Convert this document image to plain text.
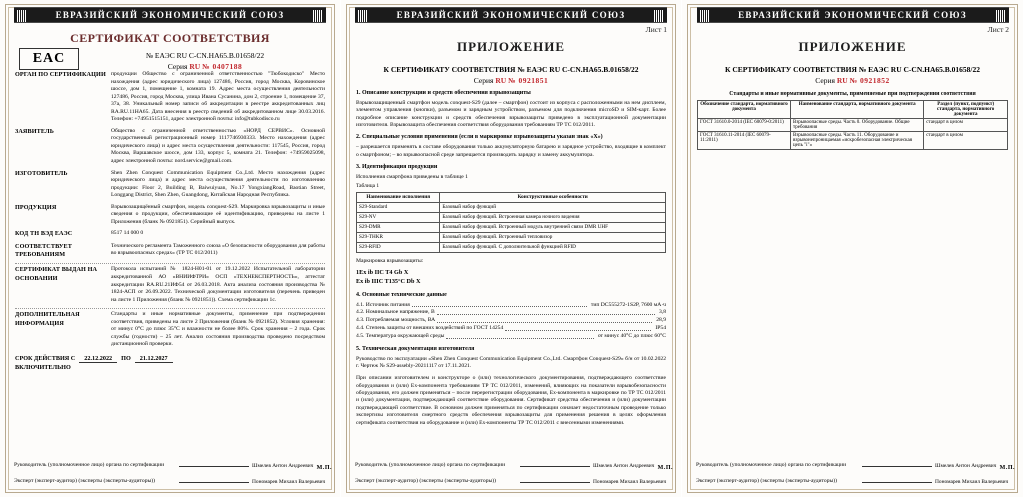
ЕВРАЗИЙСКИЙ ЭКОНОМИЧЕСКИЙ СОЮЗ
СЕРТИФИКАТ СООТВЕТСТВИЯ
EAC	№ ЕАЭС RU C-CN.НА65.В.01658/22
Серия RU № 0407188
ОРГАН ПО СЕРТИФИКАЦИИ продукции Общество с ограниченной ответственностью "Тюбокодиско" Место нахождения (адрес юридического лица) 127486, Россия, город Москва, Коровинское шоссе, дом 1, помещение 1, комната 19. Адрес места осуществления деятельности 127486, Россия, город Москва, улица Ивана Сусанина, дом 2, строение 1, помещение 37, 37а, 38. Уникальный номер записи об аккредитации в реестре аккредитованных лиц RA.RU.11НА65. Дата внесения в реестр сведений об аккредитованном лице 30.03.2016. Телефон: +74951515151, адрес электронной почты: info@tubkodisco.ru
ЗАЯВИТЕЛЬ	Общество с ограниченной ответственностью «НОРД СЕРВИС». Основной государственный регистрационный номер 1117746930333. Место нахождения (адрес юридического лица) и адрес места осуществления деятельности: 117545, Россия, город Москва, Варшавское шоссе, дом 133, корпус 5, комната 21. Телефон: +74959025098, адрес электронной почты: nord.service@gmail.com.
ИЗГОТОВИТЕЛЬ	Shen Zhen Conquest Communication Equipment Co.,Ltd. Место нахождения (адрес юридического лица) и адрес места осуществления деятельности по изготовлению продукции: Floor 2, Building B, Baiwuiyuan, No.17 YongxiangRoad, Baotian Street, Longgang District, Shen Zhen, Guangdong, Китайская Народная Республика.
ПРОДУКЦИЯ	Взрывозащищённый смартфон, модель conquest-S29. Маркировка взрывозащиты и иные сведения о продукции, обеспечивающие её идентификацию, приведены на листе 1 Приложения (бланк № 0921851). Серийный выпуск.
КОД ТН ВЭД ЕАЭС	8517 14 000 0
СООТВЕТСТВУЕТ ТРЕБОВАНИЯМ
Технического регламента Таможенного союза «О безопасности оборудования для работы во взрывоопасных средах» (ТР ТС 012/2011)
СЕРТИФИКАТ ВЫДАН НА ОСНОВАНИИ
Протокола испытаний № 1824-Н01-01 от 19.12.2022 Испытательной лаборатории аккредитованной АО «ВНИИФТРИ» ОСП «ТЕХНЕКСПЕРТНОСТЬ», аттестат аккредитации RA.RU.21ИФ54 от 26.03.2018. Акта анализа состояния производства № 1824-АСП от 26.09.2022. Технической документации изготовителя (перечень приведен на листе 1 Приложения (бланк № 0921851)). Схема сертификации 1с.
ДОПОЛНИТЕЛЬНАЯ ИНФОРМАЦИЯ
Стандарты и иные нормативные документы, применение при подтверждении соответствия, приведены на листе 2 Приложения (бланк № 0921852). Условия хранения: от минус 0°С до плюс 35°С и влажности не более 80%. Срок хранения – 2 года. Срок службы (годности) – 25 лет. Анализ состояния производства проведено посредством дистанционной проверки.
СРОК ДЕЙСТВИЯ С	22.12.2022	ПО	21.12.2027
ВКЛЮЧИТЕЛЬНО
Руководитель (уполномоченное лицо) органа по сертификации	Шмелев Антон Андреевич
Эксперт (эксперт-аудитор) (эксперты (эксперты-аудиторы))	Пономарев Михаил Валерьевич
М.П.
ЕВРАЗИЙСКИЙ ЭКОНОМИЧЕСКИЙ СОЮЗ
Лист 1
ПРИЛОЖЕНИЕ
К СЕРТИФИКАТУ СООТВЕТСТВИЯ № ЕАЭС RU C-CN.НА65.В.01658/22
Серия RU № 0921851
1. Описание конструкции и средств обеспечения взрывозащиты

Взрывозащищенный смартфон модель conquest-S29 (далее – смартфон) состоит из корпуса с расположенными на нем дисплеем, элементом управления (кнопки), разъемом и зарядным устройством, разъемом для подключения microSD и SIM-карт. Более подробное описание конструкции и средств обеспечения взрывозащиты приведено в эксплуатационной документации изготовителя. Взрывозащита обеспечения соответствия оборудования требованиям ТР ТС 012/2011.

2. Специальные условия применения (если в маркировке взрывозащиты указан знак «Х»)

– разрешается применять в составе оборудования только аккумуляторную батарею и зарядное устройство, входящие в комплект о смартфоном; – во взрывоопасной среде запрещается производить зарядку и замену аккумулятора.

3. Идентификация продукции

Исполнения смартфона приведены в таблице 1

Таблица 1
Наименование исполнения	Конструктивные особенности
S29-Standard	Базовый набор функций
S29-NV	Базовый набор функций. Встроенная камера ночного видения
S29-DMR	Базовый набор функций. Встроенный модуль внутренней связи DMR UHF
S29-THKR	Базовый набор функций. Встроенный тепловизор
S29-RFID	Базовый набор функций. С дополнительной функцией RFID

Маркировка взрывозащиты:

1Ex ib IIC T4 Gb X
Ex ib IIIC T135°C Db X
4. Основные технические данные
4.1. Источник питания	тип DC555272-1S2P, 7600 мА·ч
4.2. Номинальное напряжение, В	3,8
4.3. Потребляемая мощность, ВА	28,9
4.4. Степень защиты от внешних воздействий по ГОСТ 14254	IP54
4.5. Температура окружающей среды	от минус 40°С до плюс 60°С
5. Техническая документация изготовителя

Руководство по эксплуатации «Shen Zhen Conquest Communication Equipment Co.,Ltd. Смартфон Conquest-S29» б/н от 10.02.2022 г. Чертеж № S29-assebly-20211117 от 17.11.2021.

При описании изготовителем и конструкторе о (или) технологического документирования, подтверждающего соответствие оборудования и (или) Ех-компонента требованиям ТР ТС 012/2011, изменений, влияющих на показатели взрывобезопасности оборудования, его должен применяться – после перерегистрации оборудования, Ех-компонента в маркировке по ТР ТС 012/2011 и (или) документации, подтверждающей соответствие оборудования. Сертификат средства обеспечения и (или) документации подтверждающей соответствие. В основном должен применяться по сертификации означает недостаточным проведение только экспертизы изготовителя смертного средств обеспечения взрывозащиты для применения решения в целях оформления сертификата соответствия на оборудование и (или) Ех-компоненты ТР ТС 012/2011 с внесенными изменениями.

Руководитель (уполномоченное лицо) органа по сертификации	Шмелев Антон Андреевич
Эксперт (эксперт-аудитор) (эксперты (эксперты-аудиторы))	Пономарев Михаил Валерьевич
М.П.
ЕВРАЗИЙСКИЙ ЭКОНОМИЧЕСКИЙ СОЮЗ
Лист 2
ПРИЛОЖЕНИЕ
К СЕРТИФИКАТУ СООТВЕТСТВИЯ № ЕАЭС RU C-CN.НА65.В.01658/22
Серия RU № 0921852
Стандарты и иные нормативные документы, применяемые при подтверждении соответствия
Обозначение стандарта, нормативного документа	Наименование стандарта, нормативного документа	Раздел (пункт, подпункт) стандарта, нормативного документа
ГОСТ 31610.0-2014 (IEC 60079-0:2011)	Взрывоопасные среды. Часть 0. Оборудование. Общие требования	стандарт в целом
ГОСТ 31610.11-2014 (IEC 60079-11:2011)	Взрывоопасные среды. Часть 11. Оборудование и взрывонепроницаемая «искробезопасная электрическая цепь "i"»	стандарт в целом
Руководитель (уполномоченное лицо) органа по сертификации	Шмелев Антон Андреевич
Эксперт (эксперт-аудитор) (эксперты (эксперты-аудиторы))	Пономарев Михаил Валерьевич
М.П.
